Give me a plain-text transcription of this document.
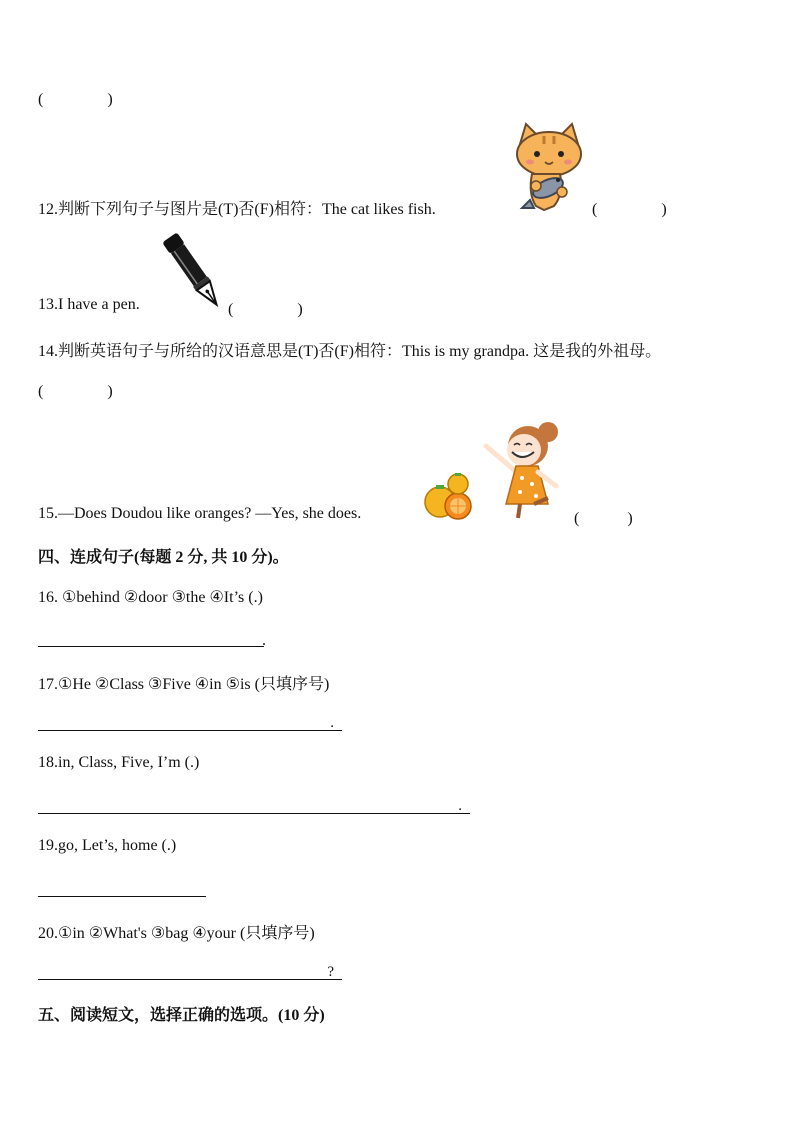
(　　　　)
12.判断下列句子与图片是(T)否(F)相符：The cat likes fish.	(　　　　)
13.I have a pen.	(　　　　)
14.判断英语句子与所给的汉语意思是(T)否(F)相符：This is my grandpa. 这是我的外祖母。
(　　　　)
15.—Does Doudou like oranges? —Yes, she does.	(　　　)
四、连成句子(每题 2 分, 共 10 分)。
16. ①behind ②door ③the ④It’s (.)
.
17.①He ②Class ③Five ④in ⑤is (只填序号)
.
18.in, Class, Five, I’m (.)
.
19.go, Let’s, home (.)
20.①in ②What's ③bag ④your (只填序号)
?
五、阅读短文，选择正确的选项。(10 分)
